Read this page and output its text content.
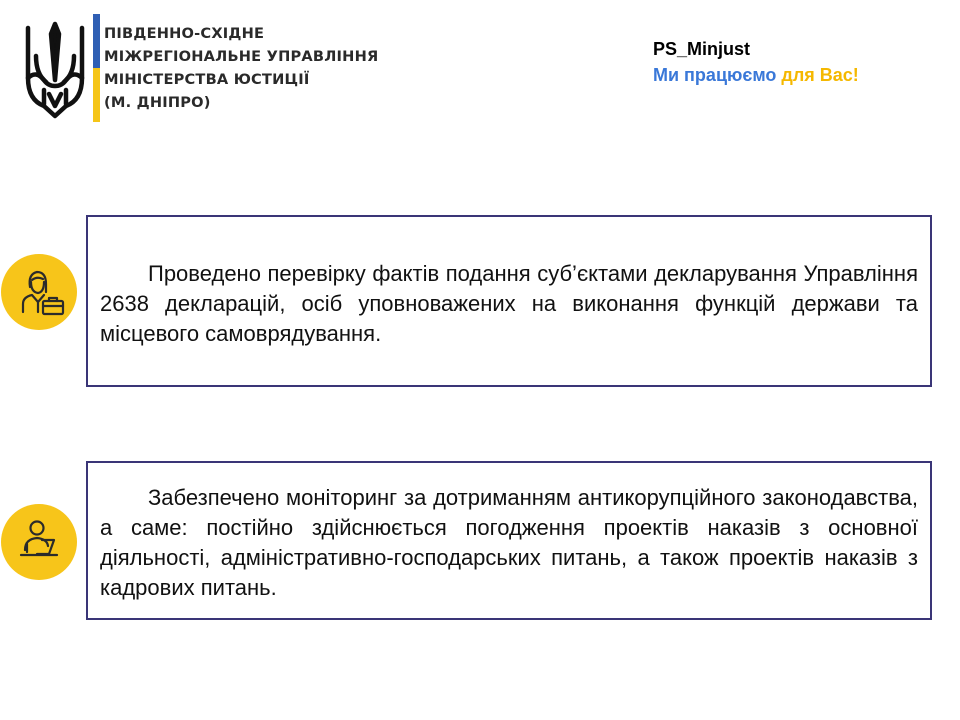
ПІВДЕННО-СХІДНЕ
МІЖРЕГІОНАЛЬНЕ УПРАВЛІННЯ
МІНІСТЕРСТВА ЮСТИЦІЇ
(М. ДНІПРО)
PS_Minjust
Ми працюємо для Вас!

Проведено перевірку фактів подання суб’єктами декларування Управління 2638 декларацій, осіб уповноважених на виконання функцій держави та місцевого самоврядування.

Забезпечено моніторинг за дотриманням антикорупційного законодавства, а саме: постійно здійснюється погодження проектів наказів з основної діяльності, адміністративно-господарських питань, а також проектів наказів з кадрових питань.
